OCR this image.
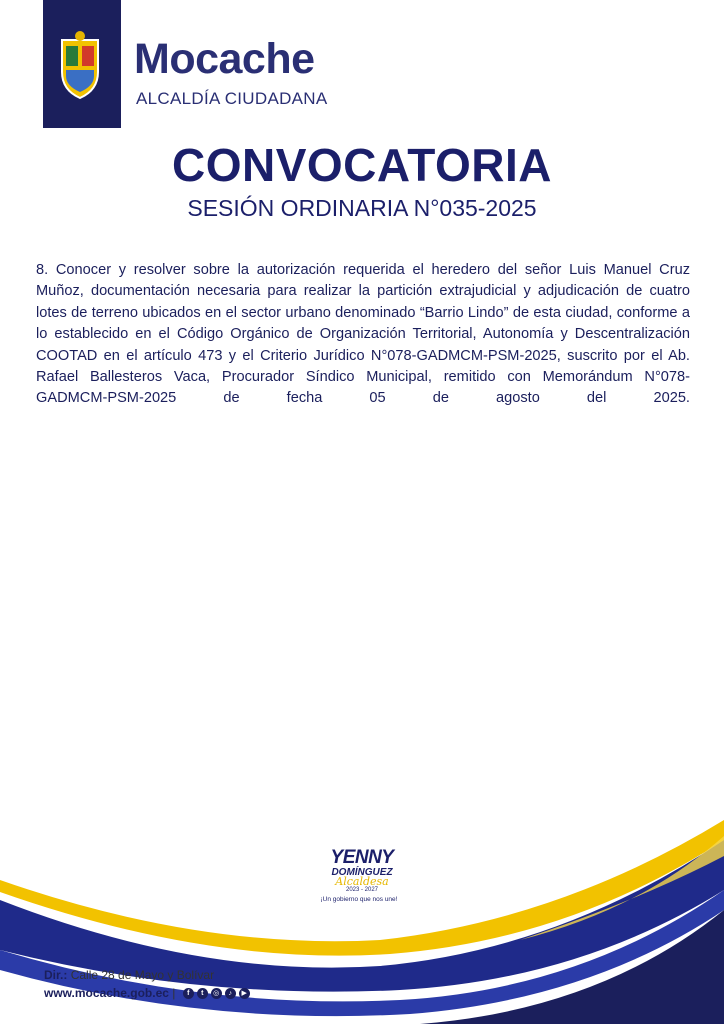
Mocache
ALCALDÍA CIUDADANA
CONVOCATORIA
SESIÓN ORDINARIA N°035-2025
8. Conocer y resolver sobre la autorización requerida el heredero del señor Luis Manuel Cruz Muñoz, documentación necesaria para realizar la partición extrajudicial y adjudicación de cuatro lotes de terreno ubicados en el sector urbano denominado “Barrio Lindo” de esta ciudad, conforme a lo establecido en el Código Orgánico de Organización Territorial, Autonomía y Descentralización COOTAD en el artículo 473 y el Criterio Jurídico N°078-GADMCM-PSM-2025, suscrito por el Ab. Rafael Ballesteros Vaca, Procurador Síndico Municipal, remitido con Memorándum N°078-GADMCM-PSM-2025 de fecha 05 de agosto del 2025.
YENNY
DOMÍNGUEZ
Alcaldesa
2023 - 2027
¡Un gobierno que nos une!
Dir.: Calle 28 de Mayo y Bolívar
www.mocache.gob.ec |	f	t	◎	♪	▶
